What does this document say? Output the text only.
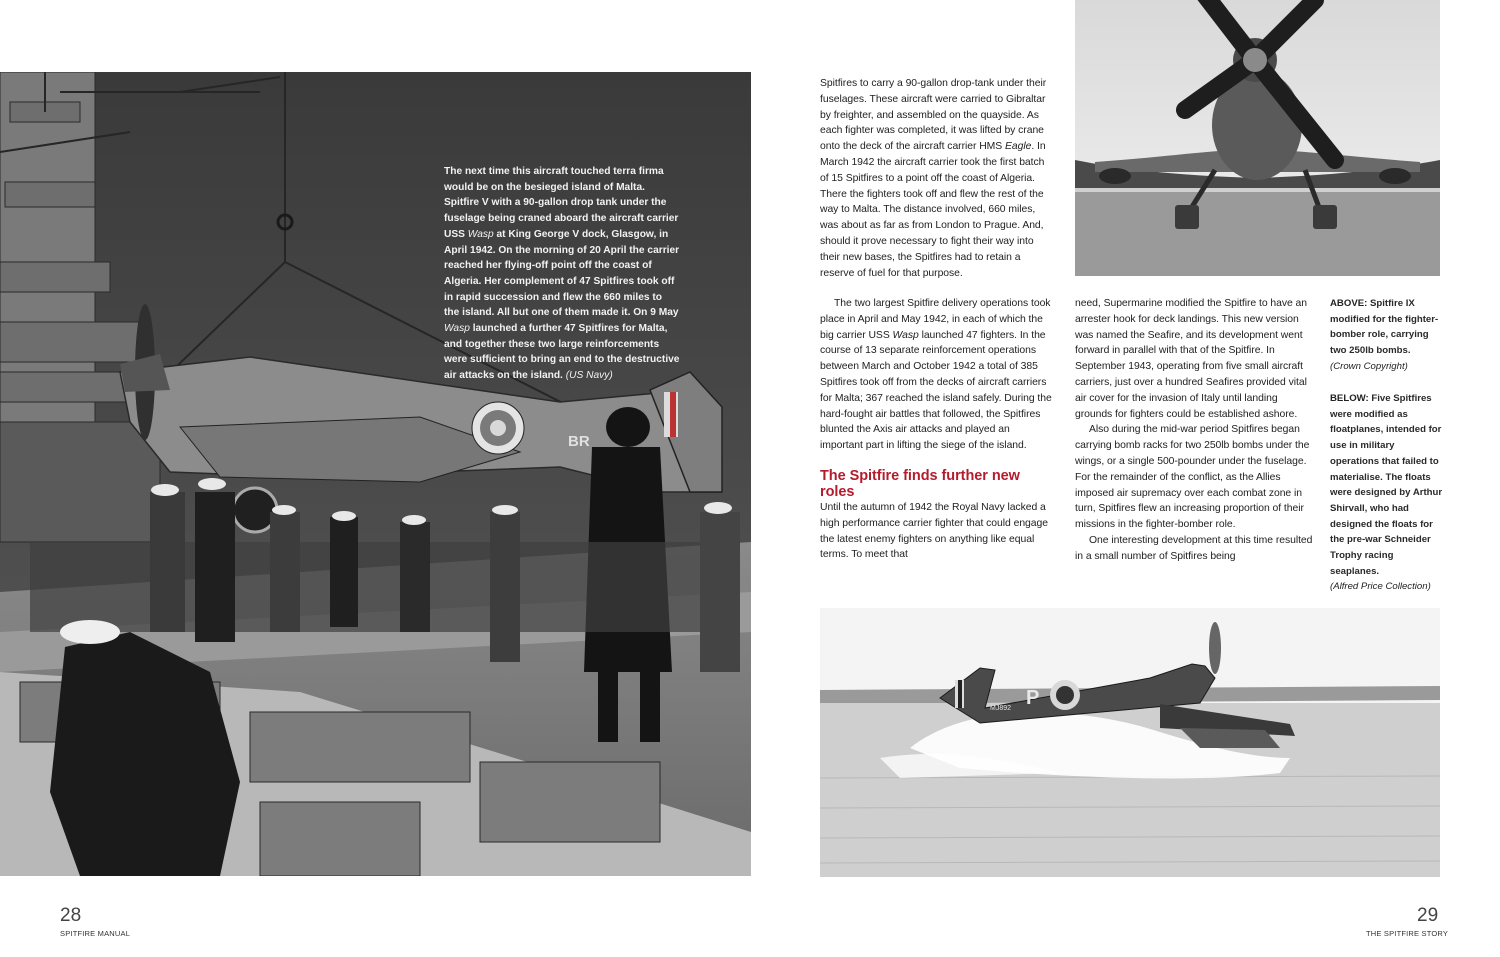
BR
The next time this aircraft touched terra firma would be on the besieged island of Malta. Spitfire V with a 90-gallon drop tank under the fuselage being craned aboard the aircraft carrier USS Wasp at King George V dock, Glasgow, in April 1942. On the morning of 20 April the carrier reached her flying-off point off the coast of Algeria. Her complement of 47 Spitfires took off in rapid succession and flew the 660 miles to the island. All but one of them made it. On 9 May Wasp launched a further 47 Spitfires for Malta, and together these two large reinforcements were sufficient to bring an end to the destructive air attacks on the island. (US Navy)
P
MJ892

Spitfires to carry a 90-gallon drop-tank under their fuselages. These aircraft were carried to Gibraltar by freighter, and assembled on the quayside. As each fighter was completed, it was lifted by crane onto the deck of the aircraft carrier HMS Eagle. In March 1942 the aircraft carrier took the first batch of 15 Spitfires to a point off the coast of Algeria. There the fighters took off and flew the rest of the way to Malta. The distance involved, 660 miles, was about as far as from London to Prague. And, should it prove necessary to fight their way into their new bases, the Spitfires had to retain a reserve of fuel for that purpose.

The two largest Spitfire delivery operations took place in April and May 1942, in each of which the big carrier USS Wasp launched 47 fighters. In the course of 13 separate reinforcement operations between March and October 1942 a total of 385 Spitfires took off from the decks of aircraft carriers for Malta; 367 reached the island safely. During the hard-fought air battles that followed, the Spitfires blunted the Axis air attacks and played an important part in lifting the siege of the island.

The Spitfire finds further new roles

Until the autumn of 1942 the Royal Navy lacked a high performance carrier fighter that could engage the latest enemy fighters on anything like equal terms. To meet that

need, Supermarine modified the Spitfire to have an arrester hook for deck landings. This new version was named the Seafire, and its development went forward in parallel with that of the Spitfire. In September 1943, operating from five small aircraft carriers, just over a hundred Seafires provided vital air cover for the invasion of Italy until landing grounds for fighters could be established ashore.

Also during the mid-war period Spitfires began carrying bomb racks for two 250lb bombs under the wings, or a single 500-pounder under the fuselage. For the remainder of the conflict, as the Allies imposed air supremacy over each combat zone in turn, Spitfires flew an increasing proportion of their missions in the fighter-bomber role.

One interesting development at this time resulted in a small number of Spitfires being

ABOVE: Spitfire IX modified for the fighter-bomber role, carrying two 250lb bombs.
(Crown Copyright)
BELOW: Five Spitfires were modified as floatplanes, intended for use in military operations that failed to materialise. The floats were designed by Arthur Shirvall, who had designed the floats for the pre-war Schneider Trophy racing seaplanes.
(Alfred Price Collection)
28
SPITFIRE MANUAL
29
THE SPITFIRE STORY
